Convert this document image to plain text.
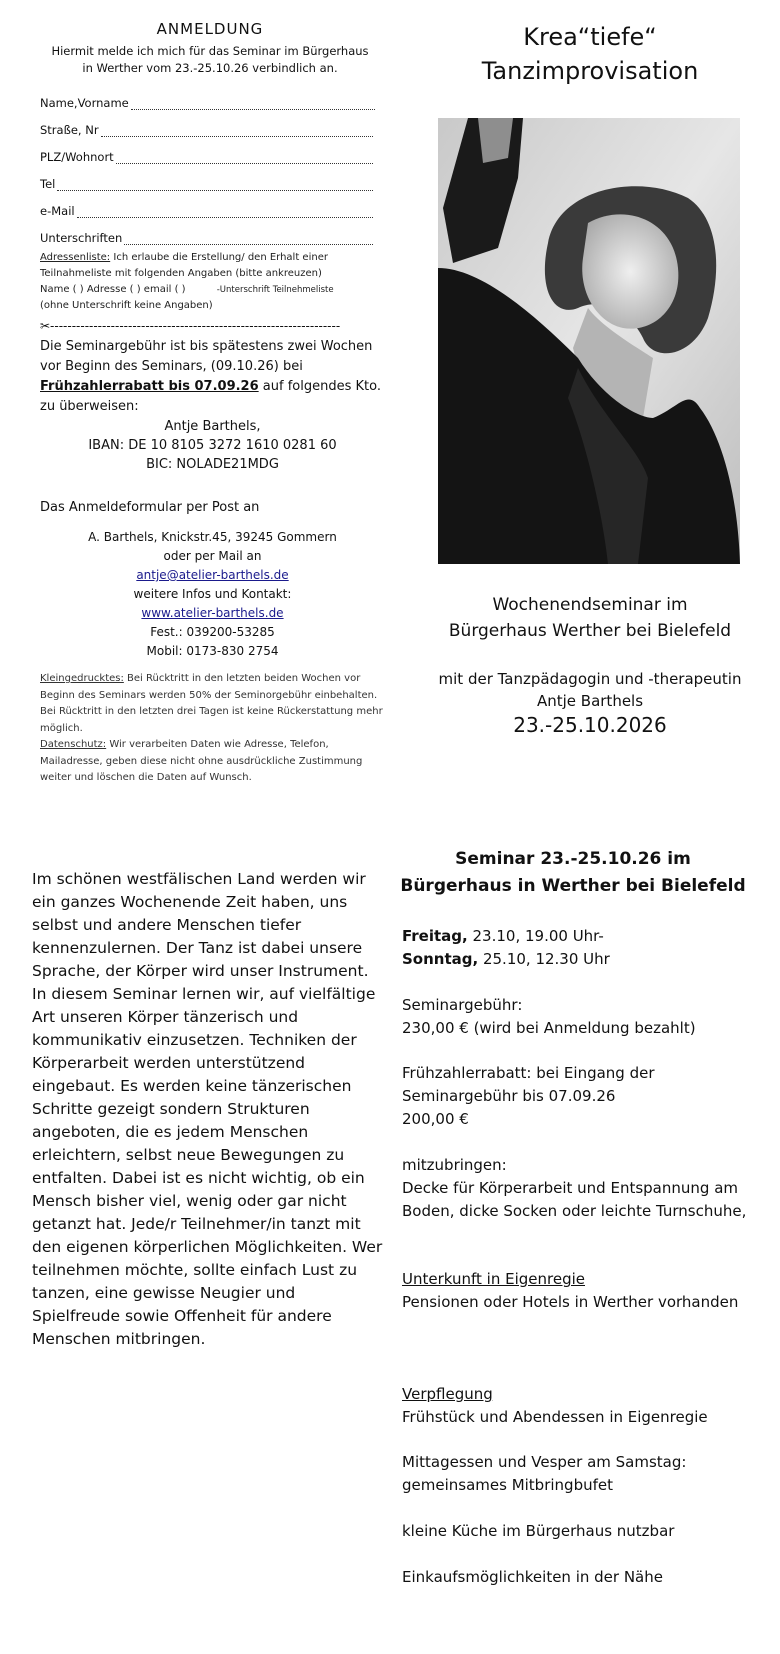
ANMELDUNG
Hiermit melde ich mich für das Seminar im Bürgerhaus
in Werther vom 23.-25.10.26 verbindlich an.
Name,Vorname
Straße, Nr
PLZ/Wohnort
Tel
e-Mail
Unterschriften
Adressenliste: Ich erlaube die Erstellung/ den Erhalt einer Teilnahmeliste mit folgenden Angaben (bitte ankreuzen)
Name ( ) Adresse ( ) email ( )	-Unterschrift Teilnehmeliste
(ohne Unterschrift keine Angaben)
✂-------------------------------------------------------------------
Die Seminargebühr ist bis spätestens zwei Wochen vor Beginn des Seminars, (09.10.26) bei Frühzahlerrabatt bis 07.09.26 auf folgendes Kto. zu überweisen:
Antje Barthels,
IBAN: DE 10 8105 3272 1610 0281 60
BIC: NOLADE21MDG
Das Anmeldeformular per Post an
A. Barthels, Knickstr.45, 39245 Gommern
oder per Mail an
antje@atelier-barthels.de
weitere Infos und Kontakt:
www.atelier-barthels.de
Fest.: 039200-53285
Mobil: 0173-830 2754
Kleingedrucktes: Bei Rücktritt in den letzten beiden Wochen vor Beginn des Seminars werden 50% der Seminorgebühr einbehalten. Bei Rücktritt in den letzten drei Tagen ist keine Rückerstattung mehr möglich.
Datenschutz: Wir verarbeiten Daten wie Adresse, Telefon, Mailadresse, geben diese nicht ohne ausdrückliche Zustimmung weiter und löschen die Daten auf Wunsch.
Krea“tiefe“
Tanzimprovisation
Wochenendseminar im
Bürgerhaus Werther bei Bielefeld
mit der Tanzpädagogin und -therapeutin
Antje Barthels
23.-25.10.2026
Im schönen westfälischen Land werden wir ein ganzes Wochenende Zeit haben, uns selbst und andere Menschen tiefer kennenzulernen. Der Tanz ist dabei unsere Sprache, der Körper wird unser Instrument.
In diesem Seminar lernen wir, auf vielfältige Art unseren Körper tänzerisch und kommunikativ einzusetzen. Techniken der Körperarbeit werden unterstützend eingebaut. Es werden keine tänzerischen Schritte gezeigt sondern Strukturen angeboten, die es jedem Menschen erleichtern, selbst neue Bewegungen zu entfalten. Dabei ist es nicht wichtig, ob ein Mensch bisher viel, wenig oder gar nicht getanzt hat. Jede/r Teilnehmer/in tanzt mit den eigenen körperlichen Möglichkeiten. Wer teilnehmen möchte, sollte einfach Lust zu tanzen, eine gewisse Neugier und Spielfreude sowie Offenheit für andere Menschen mitbringen.
Seminar 23.-25.10.26 im Bürgerhaus in Werther bei Bielefeld
Freitag, 23.10, 19.00 Uhr-
Sonntag, 25.10, 12.30 Uhr
Seminargebühr:
230,00 € (wird bei Anmeldung bezahlt)
Frühzahlerrabatt: bei Eingang der
Seminargebühr bis 07.09.26
200,00 €
mitzubringen:
Decke für Körperarbeit und Entspannung am Boden, dicke Socken oder leichte Turnschuhe,
Unterkunft in Eigenregie
Pensionen oder Hotels in Werther vorhanden
Verpflegung
Frühstück und Abendessen in Eigenregie
Mittagessen und Vesper am Samstag:
gemeinsames Mitbringbufet
kleine Küche im Bürgerhaus nutzbar
Einkaufsmöglichkeiten in der Nähe
